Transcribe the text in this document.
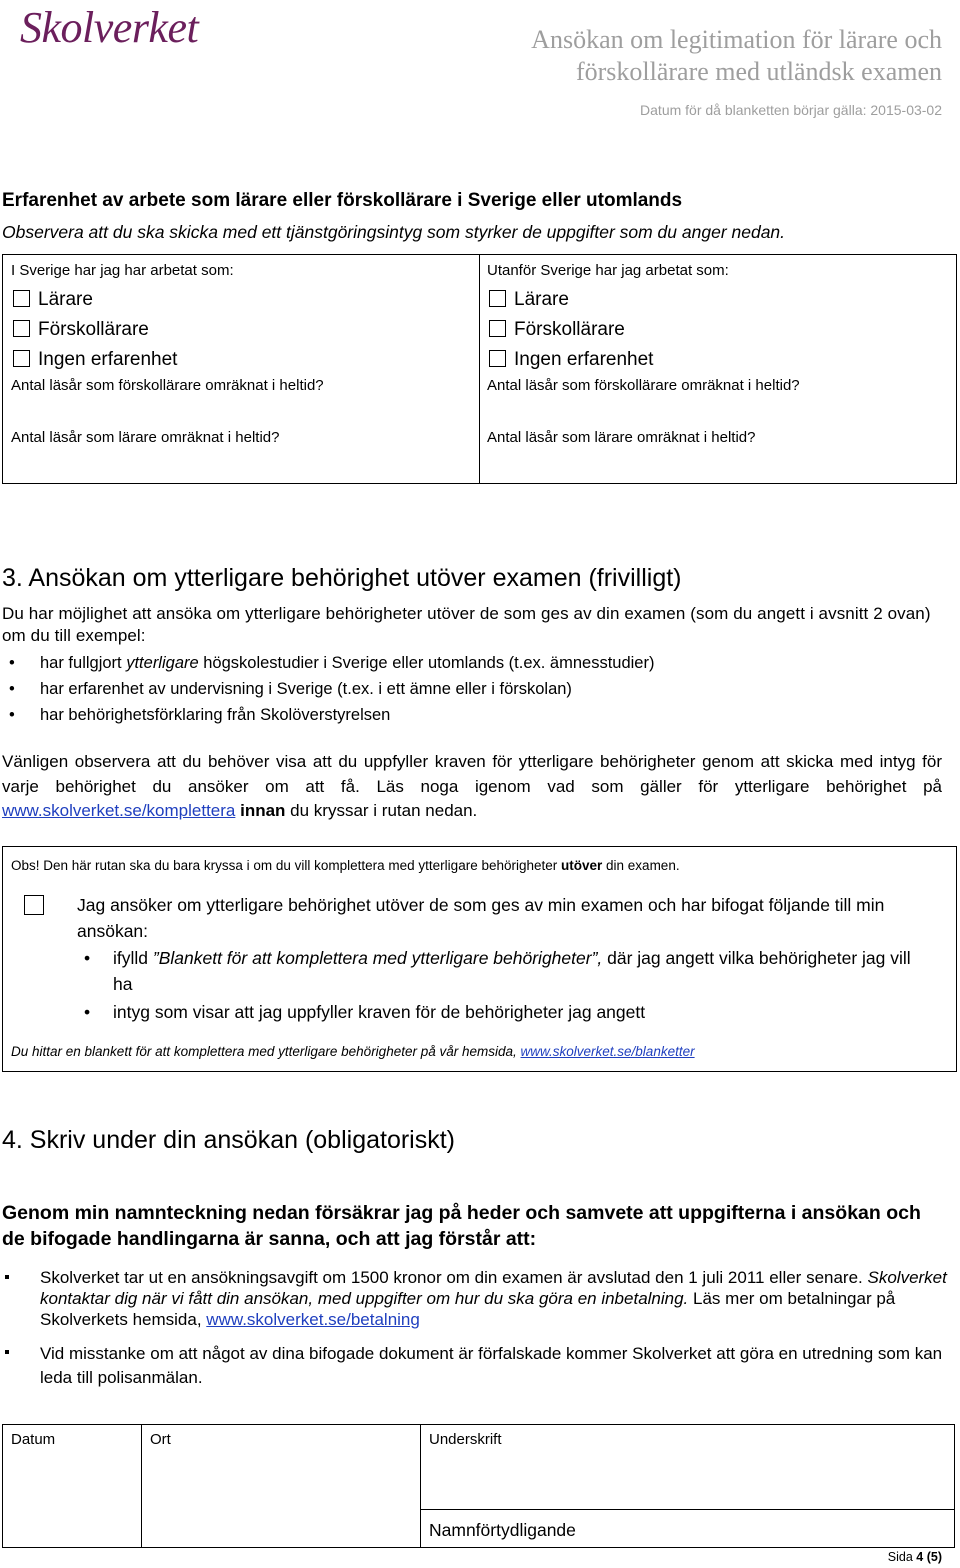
Skolverket	Ansökan om legitimation för lärare och
förskollärare med utländsk examen
Datum för då blanketten börjar gälla: 2015-03-02
Erfarenhet av arbete som lärare eller förskollärare i Sverige eller utomlands
Observera att du ska skicka med ett tjänstgöringsintyg som styrker de uppgifter som du anger nedan.
I Sverige har jag har arbetat som:
Lärare
Förskollärare
Ingen erfarenhet
Antal läsår som förskollärare omräknat i heltid?
Antal läsår som lärare omräknat i heltid?
Utanför Sverige har jag arbetat som:
Lärare
Förskollärare
Ingen erfarenhet
Antal läsår som förskollärare omräknat i heltid?
Antal läsår som lärare omräknat i heltid?
3. Ansökan om ytterligare behörighet utöver examen (frivilligt)
Du har möjlighet att ansöka om ytterligare behörigheter utöver de som ges av din examen (som du angett i avsnitt 2 ovan) om du till exempel:
• har fullgjort ytterligare högskolestudier i Sverige eller utomlands (t.ex. ämnesstudier)
• har erfarenhet av undervisning i Sverige (t.ex. i ett ämne eller i förskolan)
• har behörighetsförklaring från Skolöverstyrelsen
Vänligen observera att du behöver visa att du uppfyller kraven för ytterligare behörigheter genom att skicka med intyg för varje behörighet du ansöker om att få. Läs noga igenom vad som gäller för ytterligare behörighet på www.skolverket.se/komplettera innan du kryssar i rutan nedan.
Obs! Den här rutan ska du bara kryssa i om du vill komplettera med ytterligare behörigheter utöver din examen.
Jag ansöker om ytterligare behörighet utöver de som ges av min examen och har bifogat följande till min ansökan:
• ifylld ”Blankett för att komplettera med ytterligare behörigheter”, där jag angett vilka behörigheter jag vill ha
• intyg som visar att jag uppfyller kraven för de behörigheter jag angett
Du hittar en blankett för att komplettera med ytterligare behörigheter på vår hemsida, www.skolverket.se/blanketter
4. Skriv under din ansökan (obligatoriskt)
Genom min namnteckning nedan försäkrar jag på heder och samvete att uppgifterna i ansökan och de bifogade handlingarna är sanna, och att jag förstår att:
Skolverket tar ut en ansökningsavgift om 1500 kronor om din examen är avslutad den 1 juli 2011 eller senare. Skolverket kontaktar dig när vi fått din ansökan, med uppgifter om hur du ska göra en inbetalning. Läs mer om betalningar på Skolverkets hemsida, www.skolverket.se/betalning
Vid misstanke om att något av dina bifogade dokument är förfalskade kommer Skolverket att göra en utredning som kan leda till polisanmälan.
Datum	Ort	Underskrift
Namnförtydligande
Sida 4 (5)
